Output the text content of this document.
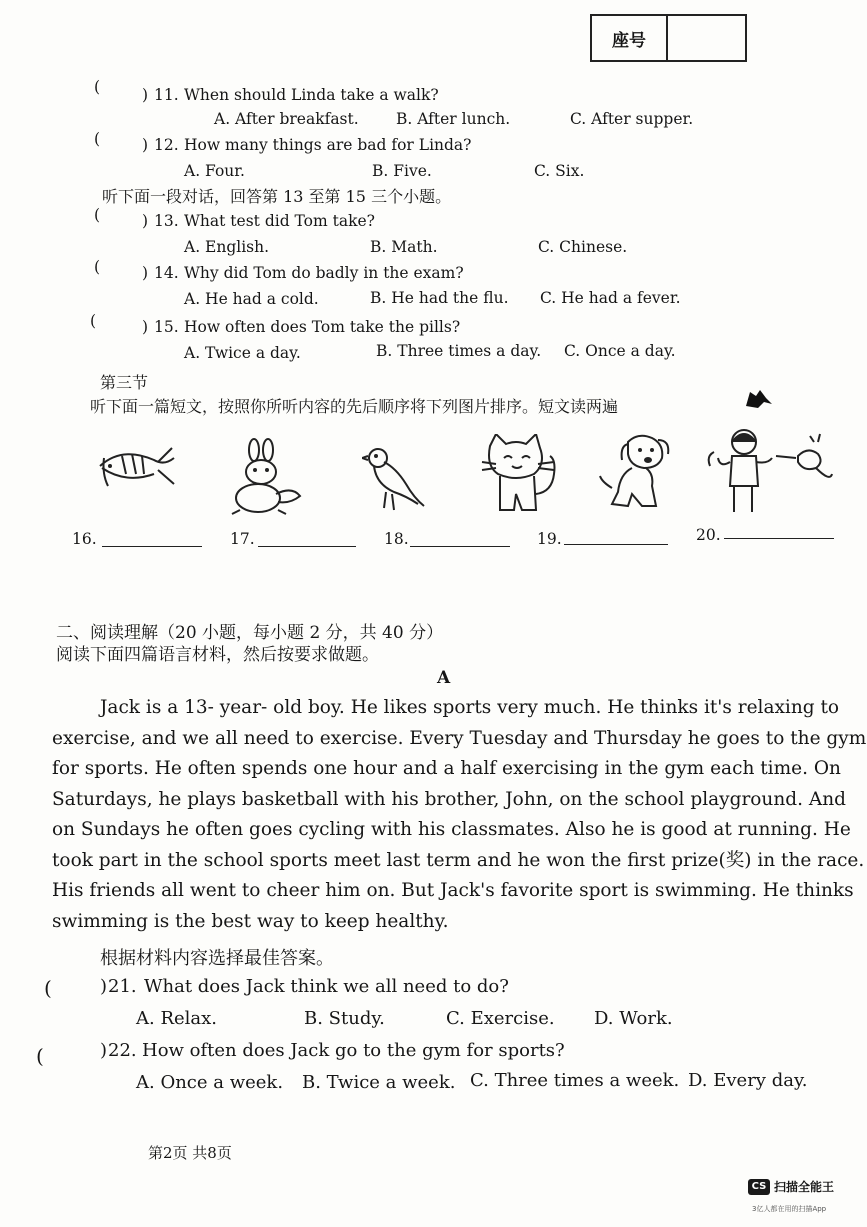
座号
(	) 11. When should Linda take a walk?
A. After breakfast. B. After lunch.	C. After supper.
(	) 12. How many things are bad for Linda?
A. Four.	B. Five.	C. Six.
听下面一段对话，回答第 13 至第 15 三个小题。
(	) 13. What test did Tom take?
A. English.	B. Math.	C. Chinese.
(	) 14. Why did Tom do badly in the exam?
A. He had a cold.	B. He had the flu. C. He had a fever.
(	) 15. How often does Tom take the pills?
A. Twice a day.	B. Three times a day. C. Once a day.
第三节
听下面一篇短文，按照你所听内容的先后顺序将下列图片排序。短文读两遍
16.	17.	18.	19.	20.
二、阅读理解（20 小题，每小题 2 分，共 40 分）
阅读下面四篇语言材料，然后按要求做题。
A
Jack is a 13- year- old boy. He likes sports very much. He thinks it's relaxing to
exercise, and we all need to exercise. Every Tuesday and Thursday he goes to the gym
for sports. He often spends one hour and a half exercising in the gym each time. On
Saturdays, he plays basketball with his brother, John, on the school playground. And
on Sundays he often goes cycling with his classmates. Also he is good at running. He
took part in the school sports meet last term and he won the first prize(奖) in the race.
His friends all went to cheer him on. But Jack's favorite sport is swimming. He thinks
swimming is the best way to keep healthy.
根据材料内容选择最佳答案。
(	) 21. What does Jack think we all need to do?
A. Relax.	B. Study.	C. Exercise. D. Work.
(	) 22. How often does Jack go to the gym for sports?
A. Once a week. B. Twice a week. C. Three times a week. D. Every day.
第2页 共8页
CS 扫描全能王
3亿人都在用的扫描App
